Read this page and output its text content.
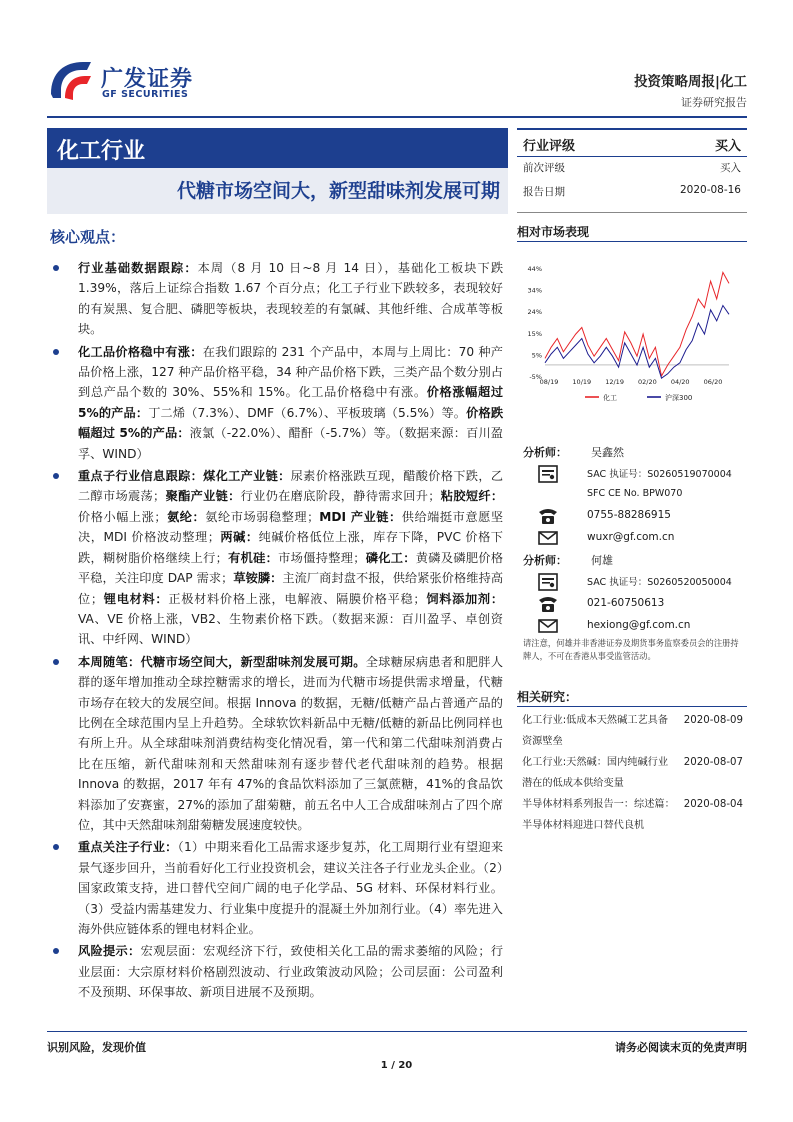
广发证券
GF SECURITIES
投资策略周报|化工
证券研究报告
化工行业
代糖市场空间大，新型甜味剂发展可期
行业评级	买入
前次评级	买入
报告日期	2020-08-16
核心观点：
行业基础数据跟踪：本周（8 月 10 日~8 月 14 日），基础化工板块下跌 1.39%，落后上证综合指数 1.67 个百分点；化工子行业下跌较多，表现较好的有炭黑、复合肥、磷肥等板块，表现较差的有氯碱、其他纤维、合成革等板块。
化工品价格稳中有涨：在我们跟踪的 231 个产品中，本周与上周比：70 种产品价格上涨，127 种产品价格平稳，34 种产品价格下跌，三类产品个数分别占到总产品个数的 30%、55%和 15%。化工品价格稳中有涨。价格涨幅超过 5%的产品：丁二烯（7.3%）、DMF（6.7%）、平板玻璃（5.5%）等。价格跌幅超过 5%的产品：液氯（-22.0%）、醋酐（-5.7%）等。（数据来源：百川盈孚、WIND）
重点子行业信息跟踪：煤化工产业链：尿素价格涨跌互现，醋酸价格下跌，乙二醇市场震荡；聚酯产业链：行业仍在磨底阶段，静待需求回升；粘胶短纤：价格小幅上涨；氨纶：氨纶市场弱稳整理；MDI 产业链：供给端挺市意愿坚决，MDI 价格波动整理；两碱：纯碱价格低位上涨，库存下降，PVC 价格下跌，糊树脂价格继续上行；有机硅：市场僵持整理；磷化工：黄磷及磷肥价格平稳，关注印度 DAP 需求；草铵膦：主流厂商封盘不报，供给紧张价格维持高位；锂电材料：正极材料价格上涨，电解液、隔膜价格平稳；饲料添加剂：VA、VE 价格上涨，VB2、生物素价格下跌。（数据来源：百川盈孚、卓创资讯、中纤网、WIND）
本周随笔：代糖市场空间大，新型甜味剂发展可期。全球糖尿病患者和肥胖人群的逐年增加推动全球控糖需求的增长，进而为代糖市场提供需求增量，代糖市场存在较大的发展空间。根据 Innova 的数据，无糖/低糖产品占普通产品的比例在全球范围内呈上升趋势。全球软饮料新品中无糖/低糖的新品比例同样也有所上升。从全球甜味剂消费结构变化情况看，第一代和第二代甜味剂消费占比在压缩，新代甜味剂和天然甜味剂有逐步替代老代甜味剂的趋势。根据 Innova 的数据，2017 年有 47%的食品饮料添加了三氯蔗糖，41%的食品饮料添加了安赛蜜，27%的添加了甜菊糖，前五名中人工合成甜味剂占了四个席位，其中天然甜味剂甜菊糖发展速度较快。
重点关注子行业：（1）中期来看化工品需求逐步复苏，化工周期行业有望迎来景气逐步回升，当前看好化工行业投资机会，建议关注各子行业龙头企业。（2）国家政策支持，进口替代空间广阔的电子化学品、5G 材料、环保材料行业。（3）受益内需基建发力、行业集中度提升的混凝土外加剂行业。（4）率先进入海外供应链体系的锂电材料企业。
风险提示：宏观层面：宏观经济下行，致使相关化工品的需求萎缩的风险；行业层面：大宗原材料价格剧烈波动、行业政策波动风险；公司层面：公司盈利不及预期、环保事故、新项目进展不及预期。
相对市场表现
44%
34%
24%
15%
5%
-5%
08/19 10/19 12/19 02/20 04/20 06/20
化工	沪深300
分析师： 吴鑫然
SAC 执证号：S0260519070004
SFC CE No. BPW070
0755-88286915
wuxr@gf.com.cn
分析师： 何雄
SAC 执证号：S0260520050004
021-60750613
hexiong@gf.com.cn
请注意，何雄并非香港证券及期货事务监察委员会的注册持牌人，不可在香港从事受监管活动。
相关研究：
化工行业:低成本天然碱工艺具备资源壁垒
2020-08-09
化工行业:天然碱：国内纯碱行业潜在的低成本供给变量
2020-08-07
半导体材料系列报告一：综述篇：半导体材料迎进口替代良机
2020-08-04
识别风险，发现价值	请务必阅读末页的免责声明
1 / 20
